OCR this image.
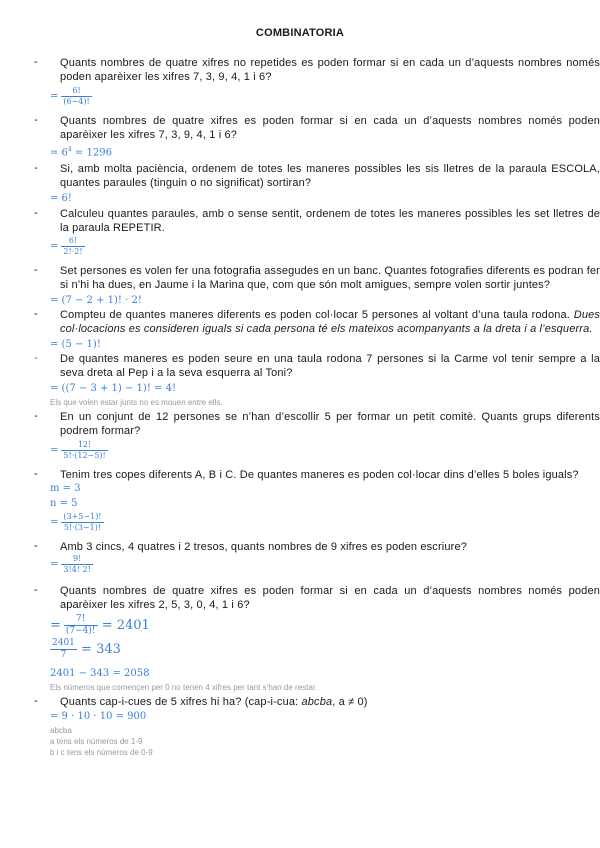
COMBINATORIA
- Quants nombres de quatre xifres no repetides es poden formar si en cada un d’aquests nombres només poden aparèixer les xifres 7, 3, 9, 4, 1 i 6?
= $\frac{6!}{(6-4)!}$
- Quants nombres de quatre xifres es poden formar si en cada un d’aquests nombres només poden aparèixer les xifres 7, 3, 9, 4, 1 i 6?
= $6^4 = 1296$
- Si, amb molta paciència, ordenem de totes les maneres possibles les sis lletres de la paraula ESCOLA, quantes paraules (tinguin o no significat) sortiran?
= 6!
- Calculeu quantes paraules, amb o sense sentit, ordenem de totes les maneres possibles les set lletres de la paraula REPETIR.
= $\frac{6!}{2!\cdot 2!}$
- Set persones es volen fer una fotografia assegudes en un banc. Quantes fotografies diferents es podran fer si n’hi ha dues, en Jaume i la Marina que, com que són molt amigues, sempre volen sortir juntes?
= (7 − 2 + 1)! · 2!
- Compteu de quantes maneres diferents es poden col·locar 5 persones al voltant d’una taula rodona. Dues col·locacions es consideren iguals si cada persona té els mateixos acompanyants a la dreta i a l’esquerra.
= (5 − 1)!
- De quantes maneres es poden seure en una taula rodona 7 persones si la Carme vol tenir sempre a la seva dreta al Pep i a la seva esquerra al Toni?
= ((7 − 3 + 1) − 1)! = 4!
Els que volen estar junts no es mouen entre ells.
- En un conjunt de 12 persones se n’han d’escollir 5 per formar un petit comitè. Quants grups diferents podrem formar?
= $\frac{12!}{5!\cdot(12-5)!}$
- Tenim tres copes diferents A, B i C. De quantes maneres es poden col·locar dins d’elles 5 boles iguals?
m = 3
n = 5
= $\frac{(3+5-1)!}{5!\cdot(3-1)!}$
- Amb 3 cincs, 4 quatres i 2 tresos, quants nombres de 9 xifres es poden escriure?
= $\frac{9!}{3!4! 2!}$
- Quants nombres de quatre xifres es poden formar si en cada un d’aquests nombres només poden aparèixer les xifres 2, 5, 3, 0, 4, 1 i 6?
= $\frac{7!}{(7-4)!} = 2401$
$\frac{2401}{7} = 343$
2401 − 343 = 2058
Els números que començen per 0 no tenen 4 xifres per tant s’han de restar.
- Quants cap-i-cues de 5 xifres hi ha? (cap-i-cua: abcba, a ≠ 0)
= 9 · 10 · 10 = 900
abcba
a tens els números de 1-9
b i c tens els números de 0-9
